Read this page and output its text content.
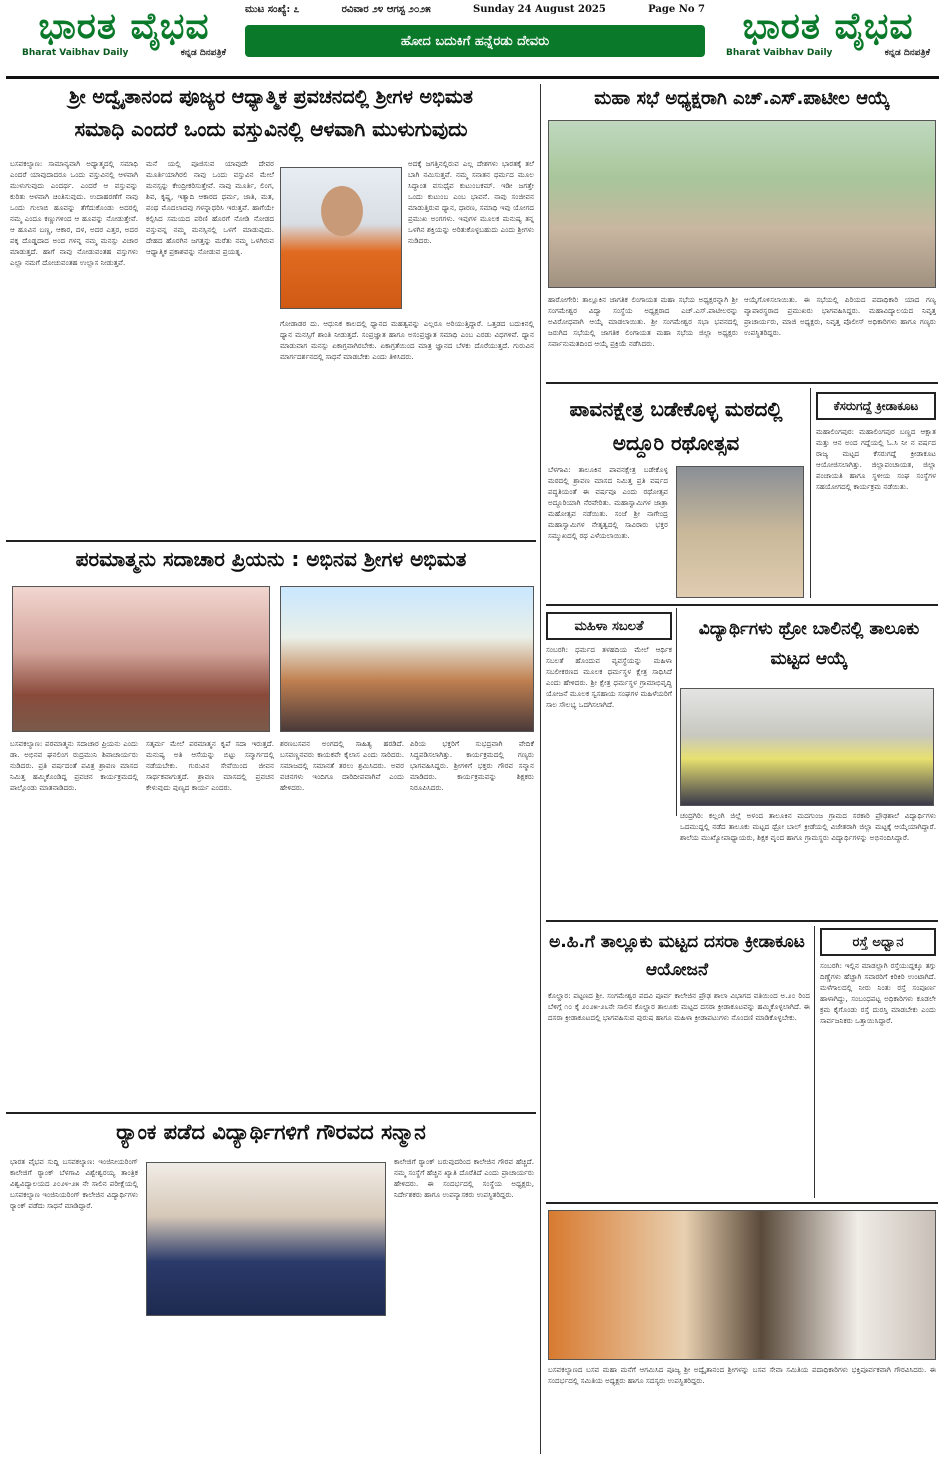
ಭಾರತ ವೈಭವ
Bharat Vaibhav Daily	ಕನ್ನಡ ದಿನಪತ್ರಿಕೆ
ಮುಟ ಸಂಖ್ಯೆ: ೭	ರವಿವಾರ ೨೪ ಆಗಸ್ಟ ೨೦೨೫	Sunday 24 August 2025	Page No 7
ಹೋದ ಬದುಕಿಗೆ ಹನ್ನೆರಡು ದೇವರು	ಭಾರತ ವೈಭವ
Bharat Vaibhav Daily	ಕನ್ನಡ ದಿನಪತ್ರಿಕೆ
ಶ್ರೀ ಅದ್ವೈತಾನಂದ ಪೂಜ್ಯರ ಆಧ್ಯಾತ್ಮಿಕ ಪ್ರವಚನದಲ್ಲಿ ಶ್ರೀಗಳ ಅಭಿಮತ
ಸಮಾಧಿ ಎಂದರೆ ಒಂದು ವಸ್ತುವಿನಲ್ಲಿ ಆಳವಾಗಿ ಮುಳುಗುವುದು
ಬಸವಕಲ್ಯಾಣ: ಸಾಮಾನ್ಯವಾಗಿ ಅಧ್ಯಾತ್ಮದಲ್ಲಿ ಸಮಾಧಿ ಎಂದರೆ ಯಾವುದಾದರೂ ಒಂದು ವಸ್ತುವಿನಲ್ಲಿ ಆಳವಾಗಿ ಮುಳುಗುವುದು ಎಂದರ್ಥ. ಎಂದರೆ ಆ ವಸ್ತುವನ್ನು ಕುರಿತು ಆಳವಾಗಿ ಚಿಂತಿಸುವುದು. ಉದಾಹರಣೆಗೆ ನಾವು ಒಂದು ಗುಲಾಬಿ ಹೂವನ್ನು ತೆಗೆದುಕೊಂಡು ಅದರಲ್ಲಿ ನಮ್ಮ ಎಂದೂ ಕಣ್ಣುಗಳಿಂದ ಆ ಹೂವನ್ನು ನೋಡುತ್ತೇವೆ. ಆ ಹೂವಿನ ಬಣ್ಣ, ಆಕಾರ, ದಳ, ಅದರ ಎತ್ತರ, ಅದರ ಪಕ್ಕ ದೊಡ್ಡದಾದ ಅಂದ ಗಳನ್ನ ನಮ್ಮ ಮನಸ್ಸು ವಿಚಾರ ಮಾಡುತ್ತದೆ. ಹಾಗೆ ನಾವು ನೋಡುವಂತಹ ವಸ್ತುಗಳು ಎಲ್ಲಾ ನಮಗೆ ದೋಚುವಂತಹ ಉಲ್ಲಾಸ ನೀಡುತ್ತವೆ.
ಮನೆ ಯಲ್ಲಿ ಪೂಜಿಸುವ ಯಾವುದೇ ದೇವರ ಮೂರ್ತಿಯಾಗಿರಲಿ ನಾವು ಒಂದು ವಸ್ತುವಿನ ಮೇಲೆ ಮನಸ್ಸನ್ನು ಕೇಂದ್ರೀಕರಿಸುತ್ತೇವೆ. ನಾವು ಮೂರ್ತಿ, ಲಿಂಗ, ಶಿವ, ಕೃಷ್ಣ, ಇತ್ಯಾದಿ ಆಕಾರದ ಧರ್ಮ, ಜಾತಿ, ಮತ, ಪಂಥ ಮೊದಲಾದವು ಗಳನ್ನಾಧರಿಸಿ ಇರುತ್ತವೆ. ಹಾಗೆಯೇ ಕಲ್ಪಿಸಿದ ಸಮಯದ ಪರಿಣಿ ಹೊರಗೆ ನೋಡಿ ನೋಡದ ವಸ್ತುವನ್ನ ನಮ್ಮ ಮನಸ್ಸಿನಲ್ಲಿ ಒಳಗೆ ಮಾಡುವುದು. ದೇಹದ ಹೊರಗಿನ ಜಗತ್ತನ್ನು ಮರೆತು ನಮ್ಮ ಒಳಗಿರುವ ಆಧ್ಯಾತ್ಮಿಕ ಪ್ರಕಾಶವನ್ನು ನೋಡುವ ಪ್ರಯತ್ನ.
ಅದಕ್ಕೆ ಜಗತ್ತಿನಲ್ಲಿರುವ ಎಲ್ಲ ದೇಶಗಳು ಭಾರತಕ್ಕೆ ತಲೆ ಬಾಗಿ ನಮಿಸುತ್ತವೆ. ನಮ್ಮ ಸನಾತನ ಧರ್ಮದ ಮೂಲ ಸಿದ್ಧಾಂತ ವಸುಧೈವ ಕುಟುಂಬಕಮ್. ಇಡೀ ಜಗತ್ತೇ ಒಂದು ಕುಟುಂಬ ಎಂಬ ಭಾವನೆ. ನಾವು ಸಂಜೀವನ ಮಾಡುತ್ತಿರುವ ಧ್ಯಾನ, ಧಾರಣ, ಸಮಾಧಿ ಇವು ಯೋಗದ ಪ್ರಮುಖ ಅಂಗಗಳು. ಇವುಗಳ ಮೂಲಕ ಮನುಷ್ಯ ತನ್ನ ಒಳಗಿನ ಶಕ್ತಿಯನ್ನು ಅರಿತುಕೊಳ್ಳಬಹುದು ಎಂದು ಶ್ರೀಗಳು ನುಡಿದರು.
ಗೋಡಾಡರ ದು. ಆಧುನಿಕ ಕಾಲದಲ್ಲಿ ಧ್ಯಾನದ ಮಹತ್ವವನ್ನು ಎಲ್ಲರೂ ಅರಿಯುತ್ತಿದ್ದಾರೆ. ಒತ್ತಡದ ಬದುಕಿನಲ್ಲಿ ಧ್ಯಾನ ಮನಸ್ಸಿಗೆ ಶಾಂತಿ ನೀಡುತ್ತದೆ. ಸಂಪ್ರಜ್ಞಾತ ಹಾಗೂ ಅಸಂಪ್ರಜ್ಞಾತ ಸಮಾಧಿ ಎಂಬ ಎರಡು ವಿಧಗಳಿವೆ. ಧ್ಯಾನ ಮಾಡುವಾಗ ಮನಸ್ಸು ಏಕಾಗ್ರವಾಗಿರಬೇಕು. ಏಕಾಗ್ರತೆಯಿಂದ ಮಾತ್ರ ಜ್ಞಾನದ ಬೆಳಕು ದೊರೆಯುತ್ತದೆ. ಗುರುವಿನ ಮಾರ್ಗದರ್ಶನದಲ್ಲಿ ಸಾಧನೆ ಮಾಡಬೇಕು ಎಂದು ತಿಳಿಸಿದರು.
ಮಹಾ ಸಭೆ ಅಧ್ಯಕ್ಷರಾಗಿ ಎಚ್.ಎಸ್.ಪಾಟೀಲ ಆಯ್ಕೆ
ಹಾರೋಗೇರಿ: ತಾಲ್ಲೂಕಿನ ಜಾಗತಿಕ ಲಿಂಗಾಯತ ಮಹಾ ಸಭೆಯ ಅಧ್ಯಕ್ಷರನ್ನಾಗಿ ಶ್ರೀ ಸಂಗಮೇಶ್ವರ ವಿದ್ಯಾ ಸಂಸ್ಥೆಯ ಅಧ್ಯಕ್ಷರಾದ ಎಚ್.ಎಸ್.ಪಾಟೀಲರನ್ನು ಅವಿರೋಧವಾಗಿ ಆಯ್ಕೆ ಮಾಡಲಾಯಿತು. ಶ್ರೀ ಸಂಗಮೇಶ್ವರ ಸಭಾ ಭವನದಲ್ಲಿ ಜರುಗಿದ ಸಭೆಯಲ್ಲಿ ಜಾಗತಿಕ ಲಿಂಗಾಯತ ಮಹಾ ಸಭೆಯ ಜಿಲ್ಲಾ ಅಧ್ಯಕ್ಷರು ಸರ್ವಾನುಮತದಿಂದ ಆಯ್ಕೆ ಪ್ರಕ್ರಿಯೆ ನಡೆಸಿದರು.
ಆಯ್ಕೆಗೊಳಿಸಲಾಯಿತು. ಈ ಸಭೆಯಲ್ಲಿ ಪಿರಿಯದ ಪದಾಧಿಕಾರಿ ಯಾದ ಗಣ್ಯ ವ್ಯಾಪಾರಸ್ಥರಾದ ಪ್ರಮುಖರು ಭಾಗವಹಿಸಿದ್ದರು. ಮಹಾವಿದ್ಯಾಲಯದ ನಿವೃತ್ತ ಪ್ರಾಚಾರ್ಯರು, ಮಾಜಿ ಅಧ್ಯಕ್ಷರು, ನಿವೃತ್ತ ಪೊಲೀಸ್ ಅಧಿಕಾರಿಗಳು ಹಾಗೂ ಗಣ್ಯರು ಉಪಸ್ಥಿತರಿದ್ದರು.
ಪಾವನಕ್ಷೇತ್ರ ಬಡೇಕೊಳ್ಳ ಮಠದಲ್ಲಿ ಅದ್ದೂರಿ ರಥೋತ್ಸವ
ಬೆಳಗಾವಿ: ತಾಲೂಕಿನ ಪಾವನಕ್ಷೇತ್ರ ಬಡೇಕೊಳ್ಳ ಮಠದಲ್ಲಿ ಶ್ರಾವಣ ಮಾಸದ ನಿಮಿತ್ತ ಪ್ರತಿ ವರ್ಷದ ಪದ್ಧತಿಯಂತೆ ಈ ವರ್ಷವೂ ಎಂದು ರಥೋತ್ಸವ ಅದ್ದೂರಿಯಾಗಿ ನೆರವೇರಿತು. ಮಹಾಸ್ವಾಮಿಗಳ ಜಾತ್ರಾ ಮಹೋತ್ಸವ ನಡೆಯಿತು. ಸಂಜೆ ಶ್ರೀ ನಾಗೇಂದ್ರ ಮಹಾಸ್ವಾಮಿಗಳ ನೇತೃತ್ವದಲ್ಲಿ ಸಾವಿರಾರು ಭಕ್ತರ ಸಮ್ಮುಖದಲ್ಲಿ ರಥ ಎಳೆಯಲಾಯಿತು.
ಕೆಸರುಗದ್ದೆ ಕ್ರೀಡಾಕೂಟ
ಮಹಾಲಿಂಗಪುರ: ಮಹಾಲಿಂಗಪುರ ಬಣ್ಣದ ಆಕ್ಷಾತ ಮತ್ತು ಆನ ಅಂದ ಗದ್ದೆಯಲ್ಲಿ ಓ.ಸಿ ನೀ ನ ವರ್ಷದ ರಾಜ್ಯ ಮಟ್ಟದ ಕೆಸರುಗದ್ದೆ ಕ್ರೀಡಾಕೂಟ ಆಯೋಜಿಸಲಾಗಿತ್ತು. ಜಿಲ್ಲಾಪಂಚಾಯತ, ಜಿಲ್ಲಾ ಪಂಚಾಯತಿ ಹಾಗೂ ಸ್ಥಳೀಯ ಸಂಘ ಸಂಸ್ಥೆಗಳ ಸಹಯೋಗದಲ್ಲಿ ಕಾರ್ಯಕ್ರಮ ನಡೆಯಿತು.
ಪರಮಾತ್ಮನು ಸದಾಚಾರ ಪ್ರಿಯನು : ಅಭಿನವ ಶ್ರೀಗಳ ಅಭಿಮತ
ಬಸವಕಲ್ಯಾಣ: ಪರಮಾತ್ಮನು ಸದಾಚಾರ ಪ್ರಿಯನು ಎಂದು ಡಾ. ಅಭಿನವ ಘನಲಿಂಗ ರುದ್ರಮುನಿ ಶಿವಾಚಾರ್ಯರು ನುಡಿದರು. ಪ್ರತಿ ವರ್ಷದಂತೆ ಪವಿತ್ರ ಶ್ರಾವಣ ಮಾಸದ ನಿಮಿತ್ತ ಹಮ್ಮಿಕೊಂಡಿದ್ದ ಪ್ರವಚನ ಕಾರ್ಯಕ್ರಮದಲ್ಲಿ ಪಾಲ್ಗೊಂಡು ಮಾತನಾಡಿದರು.
ಸತ್ಕರ್ಮ ಮೇಲೆ ಪರಮಾತ್ಮನ ಕೃಪೆ ಸದಾ ಇರುತ್ತದೆ. ಮನುಷ್ಯ ಅತಿ ಆಸೆಯನ್ನು ಬಿಟ್ಟು ಸನ್ಮಾರ್ಗದಲ್ಲಿ ನಡೆಯಬೇಕು. ಗುರುವಿನ ಸೇವೆಯಿಂದ ಜೀವನ ಸಾರ್ಥಕವಾಗುತ್ತದೆ. ಶ್ರಾವಣ ಮಾಸದಲ್ಲಿ ಪ್ರವಚನ ಕೇಳುವುದು ಪುಣ್ಯದ ಕಾರ್ಯ ಎಂದರು.
ಶರಣಬಸವನ ಅಂಗದಲ್ಲಿ ಸಾಹಿತ್ಯ ಹರಡಿದೆ. ಬಸವಣ್ಣನವರು ಕಾಯಕವೇ ಕೈಲಾಸ ಎಂದು ಸಾರಿದರು. ಸಮಾಜದಲ್ಲಿ ಸಮಾನತೆ ತರಲು ಶ್ರಮಿಸಿದರು. ಅವರ ವಚನಗಳು ಇಂದಿಗೂ ದಾರಿದೀಪವಾಗಿವೆ ಎಂದು ಹೇಳಿದರು.
ಪಿರಿಯ ಭಕ್ತರಿಗೆ ಸುಭದ್ರವಾಗಿ ವೇದಿಕೆ ಸಿದ್ಧಪಡಿಸಲಾಗಿತ್ತು. ಕಾರ್ಯಕ್ರಮದಲ್ಲಿ ಗಣ್ಯರು ಭಾಗವಹಿಸಿದ್ದರು. ಶ್ರೀಗಳಿಗೆ ಭಕ್ತರು ಗೌರವ ಸನ್ಮಾನ ಮಾಡಿದರು. ಕಾರ್ಯಕ್ರಮವನ್ನು ಶಿಕ್ಷಕರು ನಿರೂಪಿಸಿದರು.
ಮಹಿಳಾ ಸಬಲತೆ
ಸಂಬರಗಿ: ಧರ್ಮದ ತಳಹದಿಯ ಮೇಲೆ ಆರ್ಥಿಕ ಸಬಲತೆ ಹೊಂದುವ ವ್ಯವಸ್ಥೆಯನ್ನು ಮಹಿಳಾ ಸಬಲೀಕರಣದ ಮೂಲಕ ಧರ್ಮಸ್ಥಳ ಕ್ಷೇತ್ರ ಸಾಧಿಸಿದೆ ಎಂದು ಹೇಳಿದರು. ಶ್ರೀ ಕ್ಷೇತ್ರ ಧರ್ಮಸ್ಥಳ ಗ್ರಾಮಾಭಿವೃದ್ಧಿ ಯೋಜನೆ ಮೂಲಕ ಸ್ವಸಹಾಯ ಸಂಘಗಳ ಮಹಿಳೆಯರಿಗೆ ಸಾಲ ಸೌಲಭ್ಯ ಒದಗಿಸಲಾಗಿದೆ.
ವಿದ್ಯಾರ್ಥಿಗಳು ಥ್ರೋ ಬಾಲಿನಲ್ಲಿ ತಾಲೂಕು ಮಟ್ಟದ ಆಯ್ಕೆ
ಚಂದ್ರಗಿರಿ: ಕಲ್ಲಂಗಿ ಜಿಲ್ಲೆ ಅಳಂದ ತಾಲೂಕಿನ ಮದಗುಂಜ ಗ್ರಾಮದ ಸರಕಾರಿ ಪ್ರೌಢಶಾಲೆ ವಿದ್ಯಾರ್ಥಿಗಳು ಒದಮುದ್ದಲ್ಲಿ ನಡೆದ ತಾಲೂಕು ಮಟ್ಟದ ಥ್ರೋ ಬಾಲ್ ಕ್ರೀಡೆಯಲ್ಲಿ ವಿಜೇತರಾಗಿ ಜಿಲ್ಲಾ ಮಟ್ಟಕ್ಕೆ ಆಯ್ಕೆಯಾಗಿದ್ದಾರೆ. ಶಾಲೆಯ ಮುಖ್ಯೋಪಾಧ್ಯಾಯರು, ಶಿಕ್ಷಕ ವೃಂದ ಹಾಗೂ ಗ್ರಾಮಸ್ಥರು ವಿದ್ಯಾರ್ಥಿಗಳನ್ನು ಅಭಿನಂದಿಸಿದ್ದಾರೆ.
ಅ.ಹಿ.ಗೆ ತಾಲ್ಲೂಕು ಮಟ್ಟದ ದಸರಾ ಕ್ರೀಡಾಕೂಟ ಆಯೋಜನೆ
ಕೊಲ್ಹಾರ: ಪಟ್ಟಣದ ಶ್ರೀ. ಸಂಗಮೇಶ್ವರ ಪದವಿ ಪೂರ್ವ ಕಾಲೇಜಿನ ಪ್ರೌಢ ಶಾಲಾ ವಿಭಾಗದ ವತಿಯಿಂದ ಅ.೨೦ ರಿಂದ ಬೆಳಿಗ್ಗೆ ೧೦ ಕ್ಕೆ ೨೦೨೫-೨೬ನೇ ಸಾಲಿನ ಕೊಲ್ಹಾರ ತಾಲೂಕು ಮಟ್ಟದ ದಸರಾ ಕ್ರೀಡಾಕೂಟವನ್ನು ಹಮ್ಮಿಕೊಳ್ಳಲಾಗಿದೆ. ಈ ದಸರಾ ಕ್ರೀಡಾಕೂಟದಲ್ಲಿ ಭಾಗವಹಿಸುವ ಪುರುಷ ಹಾಗೂ ಮಹಿಳಾ ಕ್ರೀಡಾಪಟುಗಳು ನೊಂದಣಿ ಮಾಡಿಕೊಳ್ಳಬೇಕು.
ರಸ್ತೆ ಅಧ್ವಾನ
ಸಂಬರಗಿ: ಇಲ್ಲಿನ ಮಾಡಲ್ಲಾಗಿ ರಸ್ತೆಯುದ್ದಕ್ಕೂ ತಗ್ಗು ದಿಣ್ಣೆಗಳು ಹೆಚ್ಚಾಗಿ ಸವಾರರಿಗೆ ಕಿರಿಕಿರಿ ಉಂಟಾಗಿದೆ. ಮಳೆಗಾಲದಲ್ಲಿ ನೀರು ನಿಂತು ರಸ್ತೆ ಸಂಪೂರ್ಣ ಹಾಳಾಗಿದ್ದು, ಸಂಬಂಧಪಟ್ಟ ಅಧಿಕಾರಿಗಳು ಕೂಡಲೇ ಕ್ರಮ ಕೈಗೊಂಡು ರಸ್ತೆ ದುರಸ್ತಿ ಮಾಡಬೇಕು ಎಂದು ಸಾರ್ವಜನಿಕರು ಒತ್ತಾಯಿಸಿದ್ದಾರೆ.
ರ್‍ಯಾಂಕ ಪಡೆದ ವಿದ್ಯಾರ್ಥಿಗಳಿಗೆ ಗೌರವದ ಸನ್ಮಾನ
ಭಾರತ ವೈಭವ ಸುದ್ದಿ ಬಸವಕಲ್ಯಾಣ: ಇಂಜಿನೀಯರಿಂಗ್ ಕಾಲೇಜಿಗೆ ರ್‍ಯಾಂಕ್ ಬೆಳಗಾವಿ ವಿಶ್ವೇಶ್ವರಯ್ಯ ತಾಂತ್ರಿಕ ವಿಶ್ವವಿದ್ಯಾಲಯದ ೨೦೨೪-೨೫ ನೇ ಸಾಲಿನ ಪರೀಕ್ಷೆಯಲ್ಲಿ ಬಸವಕಲ್ಯಾಣ ಇಂಜಿನಿಯರಿಂಗ್ ಕಾಲೇಜಿನ ವಿದ್ಯಾರ್ಥಿಗಳು ರ್‍ಯಾಂಕ್ ಪಡೆದು ಸಾಧನೆ ಮಾಡಿದ್ದಾರೆ.
ಕಾಲೇಜಿಗೆ ರ್‍ಯಾಂಕ್ ಬರುವುದರಿಂದ ಕಾಲೇಜಿನ ಗೌರವ ಹೆಚ್ಚಿದೆ. ನಮ್ಮ ಸಂಸ್ಥೆಗೆ ಹೆಚ್ಚಿನ ಖ್ಯಾತಿ ದೊರೆತಿದೆ ಎಂದು ಪ್ರಾಚಾರ್ಯರು ಹೇಳಿದರು. ಈ ಸಂದರ್ಭದಲ್ಲಿ ಸಂಸ್ಥೆಯ ಅಧ್ಯಕ್ಷರು, ನಿರ್ದೇಶಕರು ಹಾಗೂ ಉಪನ್ಯಾಸಕರು ಉಪಸ್ಥಿತರಿದ್ದರು.
ಬಸವಕಲ್ಯಾಣದ ಬಸವ ಮಹಾ ಮನೆಗೆ ಆಗಮಿಸಿದ ಪೂಜ್ಯ ಶ್ರೀ ಅದ್ವೈತಾನಂದ ಶ್ರೀಗಳನ್ನು ಬಸವ ಸೇವಾ ಸಮಿತಿಯ ಪದಾಧಿಕಾರಿಗಳು ಭಕ್ತಿಪೂರ್ವಕವಾಗಿ ಗೌರವಿಸಿದರು. ಈ ಸಂದರ್ಭದಲ್ಲಿ ಸಮಿತಿಯ ಅಧ್ಯಕ್ಷರು ಹಾಗೂ ಸದಸ್ಯರು ಉಪಸ್ಥಿತರಿದ್ದರು.
